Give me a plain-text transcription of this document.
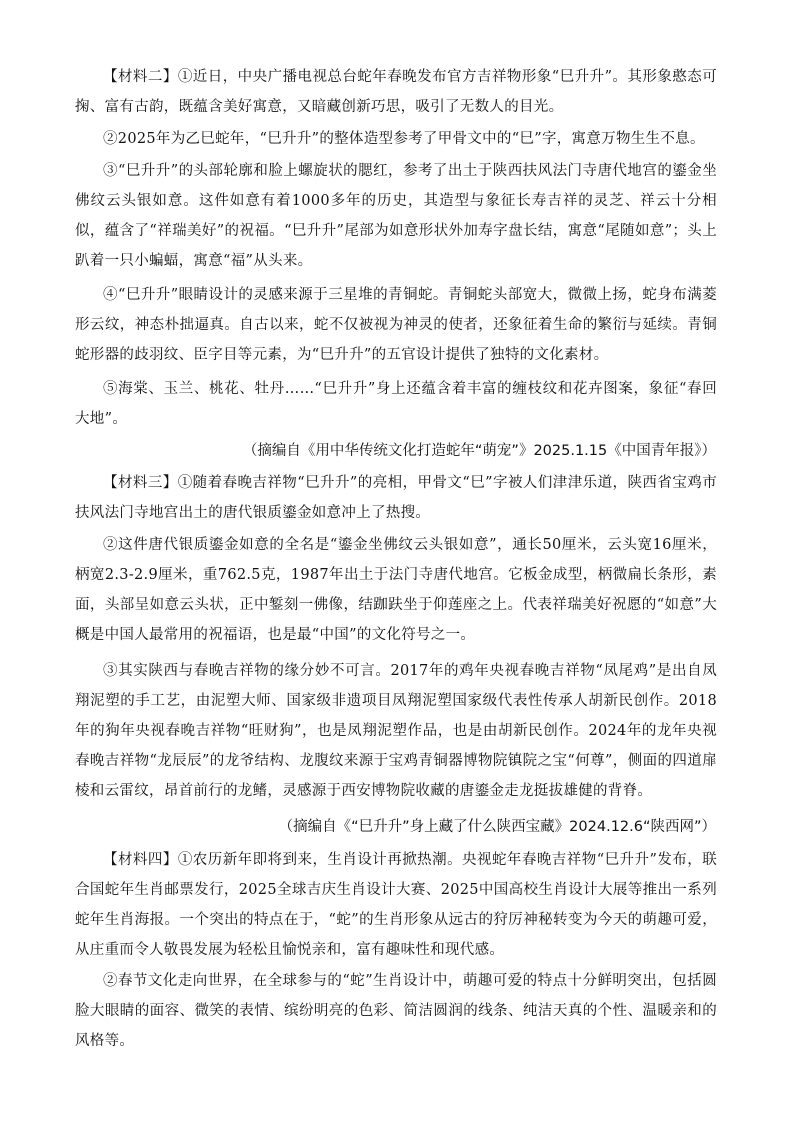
【材料二】①近日，中央广播电视总台蛇年春晚发布官方吉祥物形象“巳升升”。其形象憨态可掬、富有古韵，既蕴含美好寓意，又暗藏创新巧思，吸引了无数人的目光。

②2025年为乙巳蛇年，“巳升升”的整体造型参考了甲骨文中的“巳”字，寓意万物生生不息。

③“巳升升”的头部轮廓和脸上螺旋状的腮红，参考了出土于陕西扶风法门寺唐代地宫的鎏金坐佛纹云头银如意。这件如意有着1000多年的历史，其造型与象征长寿吉祥的灵芝、祥云十分相似，蕴含了“祥瑞美好”的祝福。“巳升升”尾部为如意形状外加寿字盘长结，寓意“尾随如意”；头上趴着一只小蝙蝠，寓意“福”从头来。

④“巳升升”眼睛设计的灵感来源于三星堆的青铜蛇。青铜蛇头部宽大，微微上扬，蛇身布满菱形云纹，神态朴拙逼真。自古以来，蛇不仅被视为神灵的使者，还象征着生命的繁衍与延续。青铜蛇形器的歧羽纹、臣字目等元素，为“巳升升”的五官设计提供了独特的文化素材。

⑤海棠、玉兰、桃花、牡丹……“巳升升”身上还蕴含着丰富的缠枝纹和花卉图案，象征“春回大地”。

（摘编自《用中华传统文化打造蛇年“萌宠”》2025.1.15《中国青年报》）

【材料三】①随着春晚吉祥物“巳升升”的亮相，甲骨文“巳”字被人们津津乐道，陕西省宝鸡市扶风法门寺地宫出土的唐代银质鎏金如意冲上了热搜。

②这件唐代银质鎏金如意的全名是“鎏金坐佛纹云头银如意”，通长50厘米，云头宽16厘米，柄宽2.3-2.9厘米，重762.5克，1987年出土于法门寺唐代地宫。它板金成型，柄微扁长条形，素面，头部呈如意云头状，正中錾刻一佛像，结跏趺坐于仰莲座之上。代表祥瑞美好祝愿的“如意”大概是中国人最常用的祝福语，也是最“中国”的文化符号之一。

③其实陕西与春晚吉祥物的缘分妙不可言。2017年的鸡年央视春晚吉祥物“凤尾鸡”是出自凤翔泥塑的手工艺，由泥塑大师、国家级非遗项目凤翔泥塑国家级代表性传承人胡新民创作。2018年的狗年央视春晚吉祥物“旺财狗”，也是凤翔泥塑作品，也是由胡新民创作。2024年的龙年央视春晚吉祥物“龙辰辰”的龙爷结构、龙腹纹来源于宝鸡青铜器博物院镇院之宝“何尊”，侧面的四道扉棱和云雷纹，昂首前行的龙鳍，灵感源于西安博物院收藏的唐鎏金走龙挺拔雄健的背脊。

（摘编自《“巳升升”身上藏了什么陕西宝藏》2024.12.6“陕西网”）

【材料四】①农历新年即将到来，生肖设计再掀热潮。央视蛇年春晚吉祥物“巳升升”发布，联合国蛇年生肖邮票发行，2025全球吉庆生肖设计大赛、2025中国高校生肖设计大展等推出一系列蛇年生肖海报。一个突出的特点在于，“蛇”的生肖形象从远古的狩厉神秘转变为今天的萌趣可爱，从庄重而令人敬畏发展为轻松且愉悦亲和，富有趣味性和现代感。

②春节文化走向世界，在全球参与的“蛇”生肖设计中，萌趣可爱的特点十分鲜明突出，包括圆脸大眼睛的面容、微笑的表情、缤纷明亮的色彩、简洁圆润的线条、纯洁天真的个性、温暖亲和的风格等。
